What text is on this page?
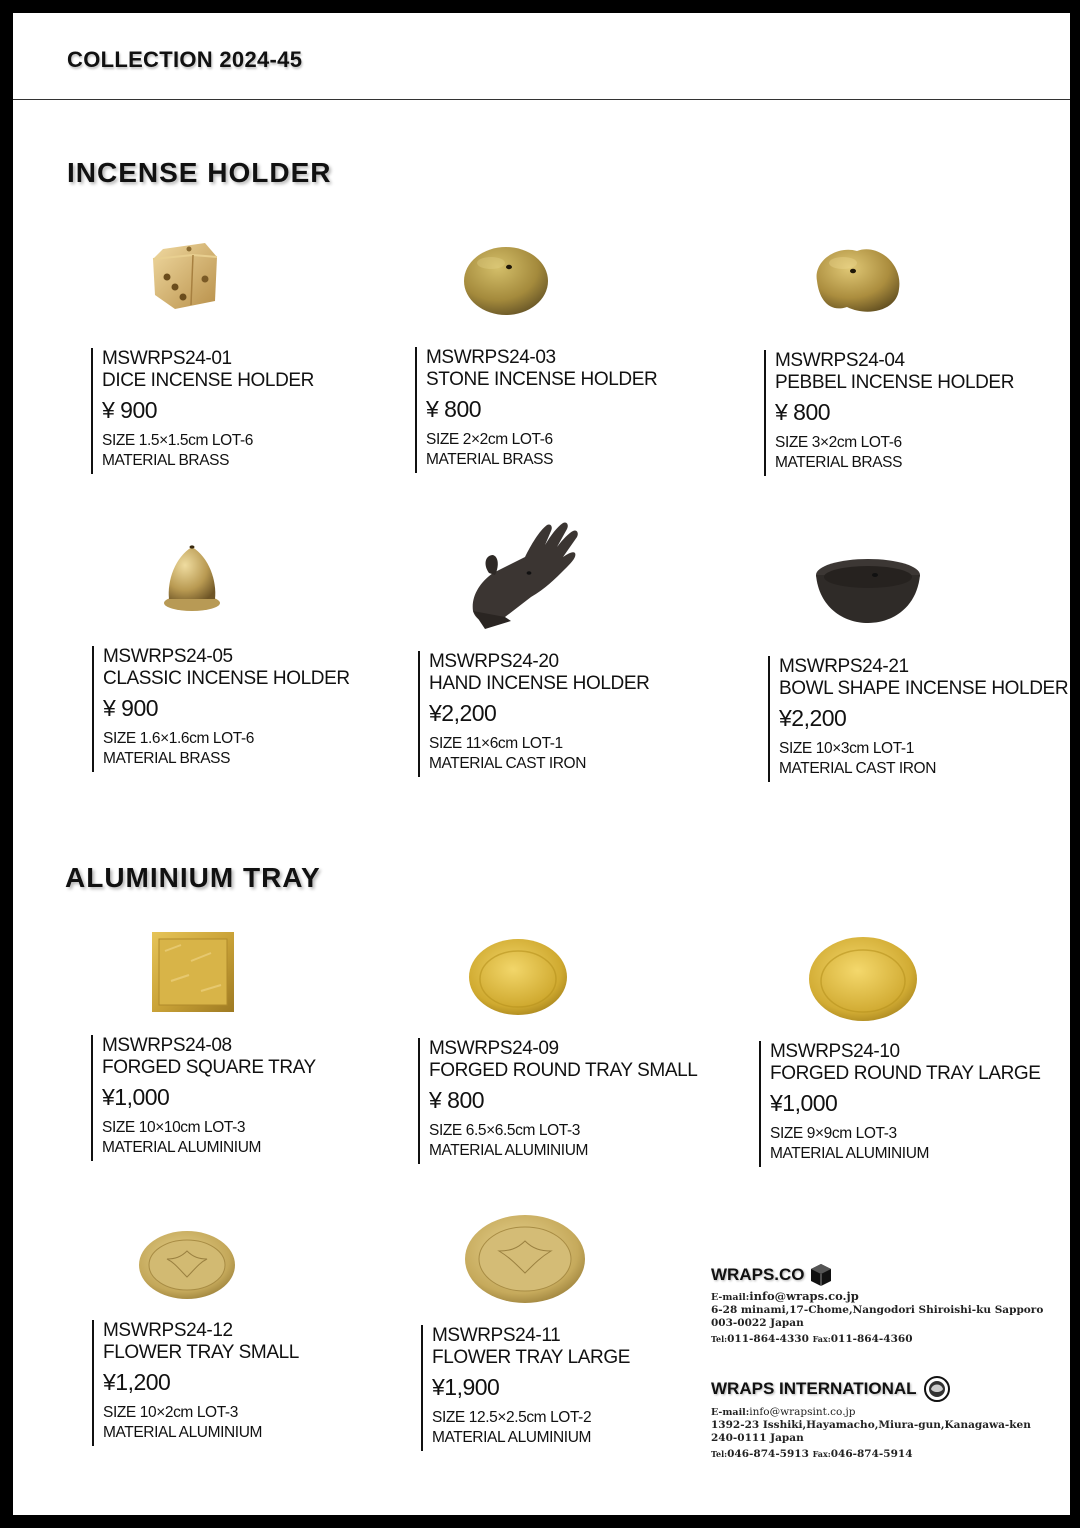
COLLECTION 2024-45
INCENSE HOLDER
ALUMINIUM TRAY
MSWRPS24-01
DICE INCENSE HOLDER
¥ 900
SIZE 1.5×1.5cm LOT-6
MATERIAL BRASS
MSWRPS24-03
STONE INCENSE HOLDER
¥ 800
SIZE 2×2cm LOT-6
MATERIAL BRASS
MSWRPS24-04
PEBBEL INCENSE HOLDER
¥ 800
SIZE 3×2cm LOT-6
MATERIAL BRASS
MSWRPS24-05
CLASSIC INCENSE HOLDER
¥ 900
SIZE 1.6×1.6cm LOT-6
MATERIAL BRASS
MSWRPS24-20
HAND INCENSE HOLDER
¥2,200
SIZE 11×6cm LOT-1
MATERIAL CAST IRON
MSWRPS24-21
BOWL SHAPE INCENSE HOLDER
¥2,200
SIZE 10×3cm LOT-1
MATERIAL CAST IRON
MSWRPS24-08
FORGED SQUARE TRAY
¥1,000
SIZE 10×10cm LOT-3
MATERIAL ALUMINIUM
MSWRPS24-09
FORGED ROUND TRAY SMALL
¥ 800
SIZE 6.5×6.5cm LOT-3
MATERIAL ALUMINIUM
MSWRPS24-10
FORGED ROUND TRAY LARGE
¥1,000
SIZE 9×9cm LOT-3
MATERIAL ALUMINIUM
MSWRPS24-12
FLOWER TRAY SMALL
¥1,200
SIZE 10×2cm LOT-3
MATERIAL ALUMINIUM
MSWRPS24-11
FLOWER TRAY LARGE
¥1,900
SIZE 12.5×2.5cm LOT-2
MATERIAL ALUMINIUM
WRAPS.CO
E-mail:info@wraps.co.jp
6-28 minami,17-Chome,Nangodori Shiroishi-ku Sapporo
003-0022 Japan
Tel:011-864-4330 Fax:011-864-4360
WRAPS INTERNATIONAL
E-mail:info@wrapsint.co.jp
1392-23 Isshiki,Hayamacho,Miura-gun,Kanagawa-ken
240-0111 Japan
Tel:046-874-5913 Fax:046-874-5914
